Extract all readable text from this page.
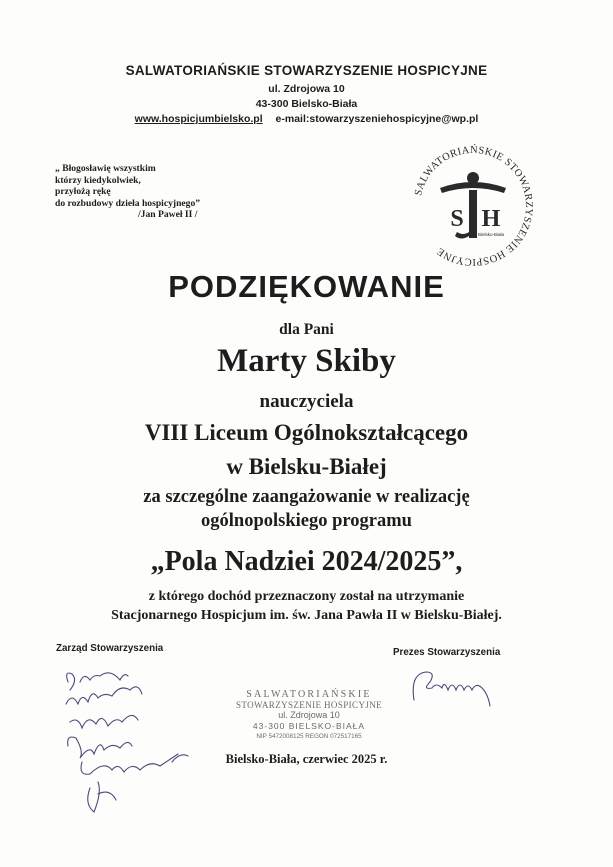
SALWATORIAŃSKIE STOWARZYSZENIE HOSPICYJNE
ul. Zdrojowa 10
43-300 Bielsko-Biała
www.hospicjumbielsko.pl e-mail:stowarzyszeniehospicyjne@wp.pl
„ Błogosławię wszystkim
którzy kiedykolwiek,
przyłożą rękę
do rozbudowy dzieła hospicyjnego”
/Jan Paweł II /
SALWATORIAŃSKIE STOWARZYSZENIE HOSPICYJNE
S H
Bielsko-Biała
PODZIĘKOWANIE
dla Pani
Marty Skiby
nauczyciela
VIII Liceum Ogólnokształcącego
w Bielsku-Białej
za szczególne zaangażowanie w realizację
ogólnopolskiego programu
„Pola Nadziei 2024/2025”,
z którego dochód przeznaczony został na utrzymanie
Stacjonarnego Hospicjum im. św. Jana Pawła II w Bielsku-Białej.
Zarząd Stowarzyszenia	Prezes Stowarzyszenia
SALWATORIAŃSKIE
STOWARZYSZENIE HOSPICYJNE
ul. Zdrojowa 10
43-300 BIELSKO-BIAŁA
NIP 5472008125 REGON 072517165
Bielsko-Biała, czerwiec 2025 r.
